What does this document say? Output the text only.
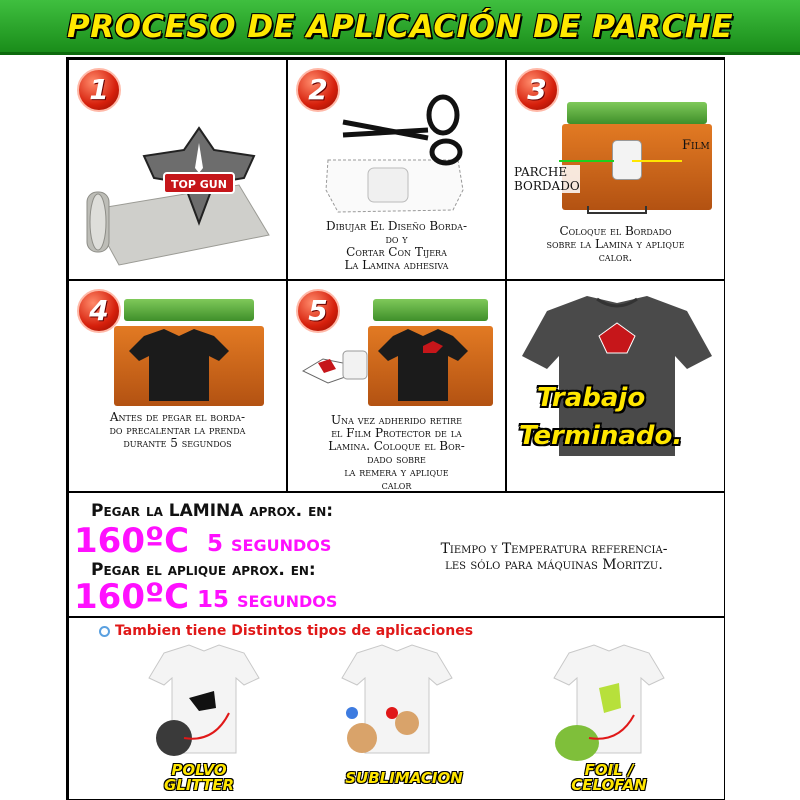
PROCESO DE APLICACIÓN DE PARCHE
1
TOP GUN
2
Dibujar El Diseño Borda-
do y
Cortar Con Tijera
La Lamina adhesiva
3
Film
PARCHE
BORDADO
Coloque el Bordado
sobre la Lamina y aplique
calor.
4
Antes de pegar el borda-
do precalentar la prenda
durante 5 segundos
5
Una vez adherido retire
el Film Protector de la
Lamina. Coloque el Bor-
dado sobre
la remera y aplique
calor
Trabajo
Terminado.
Pegar la LAMINA aprox. en:
160ºC 5 segundos
Pegar el aplique aprox. en:
160ºC 15 segundos
Tiempo y Temperatura referencia-
les sólo para máquinas Moritzu.
Tambien tiene Distintos tipos de aplicaciones
POLVO
GLITTER	SUBLIMACION	FOIL /
CELOFAN
